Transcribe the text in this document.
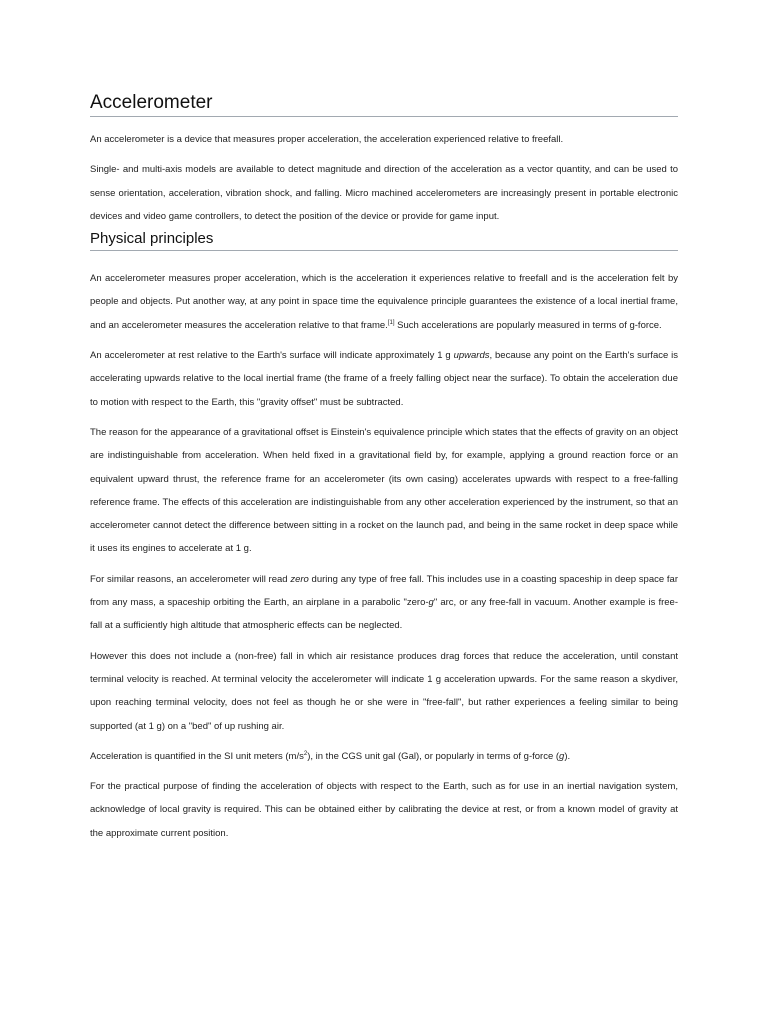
Accelerometer

An accelerometer is a device that measures proper acceleration, the acceleration experienced relative to freefall.

Single- and multi-axis models are available to detect magnitude and direction of the acceleration as a vector quantity, and can be used to sense orientation, acceleration, vibration shock, and falling. Micro machined accelerometers are increasingly present in portable electronic devices and video game controllers, to detect the position of the device or provide for game input.

Physical principles

An accelerometer measures proper acceleration, which is the acceleration it experiences relative to freefall and is the acceleration felt by people and objects. Put another way, at any point in space time the equivalence principle guarantees the existence of a local inertial frame, and an accelerometer measures the acceleration relative to that frame.[1] Such accelerations are popularly measured in terms of g-force.

An accelerometer at rest relative to the Earth's surface will indicate approximately 1 g upwards, because any point on the Earth's surface is accelerating upwards relative to the local inertial frame (the frame of a freely falling object near the surface). To obtain the acceleration due to motion with respect to the Earth, this "gravity offset" must be subtracted.

The reason for the appearance of a gravitational offset is Einstein's equivalence principle which states that the effects of gravity on an object are indistinguishable from acceleration. When held fixed in a gravitational field by, for example, applying a ground reaction force or an equivalent upward thrust, the reference frame for an accelerometer (its own casing) accelerates upwards with respect to a free-falling reference frame. The effects of this acceleration are indistinguishable from any other acceleration experienced by the instrument, so that an accelerometer cannot detect the difference between sitting in a rocket on the launch pad, and being in the same rocket in deep space while it uses its engines to accelerate at 1 g.

For similar reasons, an accelerometer will read zero during any type of free fall. This includes use in a coasting spaceship in deep space far from any mass, a spaceship orbiting the Earth, an airplane in a parabolic "zero-g" arc, or any free-fall in vacuum. Another example is free-fall at a sufficiently high altitude that atmospheric effects can be neglected.

However this does not include a (non-free) fall in which air resistance produces drag forces that reduce the acceleration, until constant terminal velocity is reached. At terminal velocity the accelerometer will indicate 1 g acceleration upwards. For the same reason a skydiver, upon reaching terminal velocity, does not feel as though he or she were in "free-fall", but rather experiences a feeling similar to being supported (at 1 g) on a "bed" of up rushing air.

Acceleration is quantified in the SI unit meters $(m/s^2)$, in the CGS unit gal (Gal), or popularly in terms of g-force (g).

For the practical purpose of finding the acceleration of objects with respect to the Earth, such as for use in an inertial navigation system, acknowledge of local gravity is required. This can be obtained either by calibrating the device at rest, or from a known model of gravity at the approximate current position.
